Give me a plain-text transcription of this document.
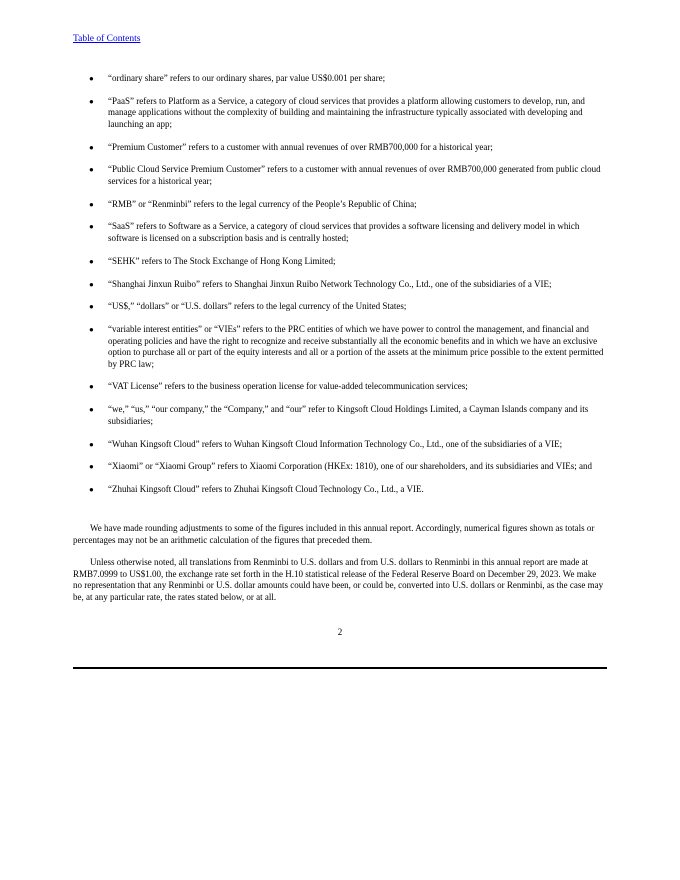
Table of Contents
● “ordinary share” refers to our ordinary shares, par value US$0.001 per share;
● “PaaS” refers to Platform as a Service, a category of cloud services that provides a platform allowing customers to develop, run, and manage applications without the complexity of building and maintaining the infrastructure typically associated with developing and launching an app;
● “Premium Customer” refers to a customer with annual revenues of over RMB700,000 for a historical year;
● “Public Cloud Service Premium Customer” refers to a customer with annual revenues of over RMB700,000 generated from public cloud services for a historical year;
● “RMB” or “Renminbi” refers to the legal currency of the People’s Republic of China;
● “SaaS” refers to Software as a Service, a category of cloud services that provides a software licensing and delivery model in which software is licensed on a subscription basis and is centrally hosted;
● “SEHK” refers to The Stock Exchange of Hong Kong Limited;
● “Shanghai Jinxun Ruibo” refers to Shanghai Jinxun Ruibo Network Technology Co., Ltd., one of the subsidiaries of a VIE;
● “US$,” “dollars” or “U.S. dollars” refers to the legal currency of the United States;
● “variable interest entities” or “VIEs” refers to the PRC entities of which we have power to control the management, and financial and operating policies and have the right to recognize and receive substantially all the economic benefits and in which we have an exclusive option to purchase all or part of the equity interests and all or a portion of the assets at the minimum price possible to the extent permitted by PRC law;
● “VAT License” refers to the business operation license for value-added telecommunication services;
● “we,” “us,” “our company,” the “Company,” and “our” refer to Kingsoft Cloud Holdings Limited, a Cayman Islands company and its subsidiaries;
● “Wuhan Kingsoft Cloud” refers to Wuhan Kingsoft Cloud Information Technology Co., Ltd., one of the subsidiaries of a VIE;
● “Xiaomi” or “Xiaomi Group” refers to Xiaomi Corporation (HKEx: 1810), one of our shareholders, and its subsidiaries and VIEs; and
● “Zhuhai Kingsoft Cloud” refers to Zhuhai Kingsoft Cloud Technology Co., Ltd., a VIE.

We have made rounding adjustments to some of the figures included in this annual report. Accordingly, numerical figures shown as totals or percentages may not be an arithmetic calculation of the figures that preceded them.

Unless otherwise noted, all translations from Renminbi to U.S. dollars and from U.S. dollars to Renminbi in this annual report are made at RMB7.0999 to US$1.00, the exchange rate set forth in the H.10 statistical release of the Federal Reserve Board on December 29, 2023. We make no representation that any Renminbi or U.S. dollar amounts could have been, or could be, converted into U.S. dollars or Renminbi, as the case may be, at any particular rate, the rates stated below, or at all.

2
